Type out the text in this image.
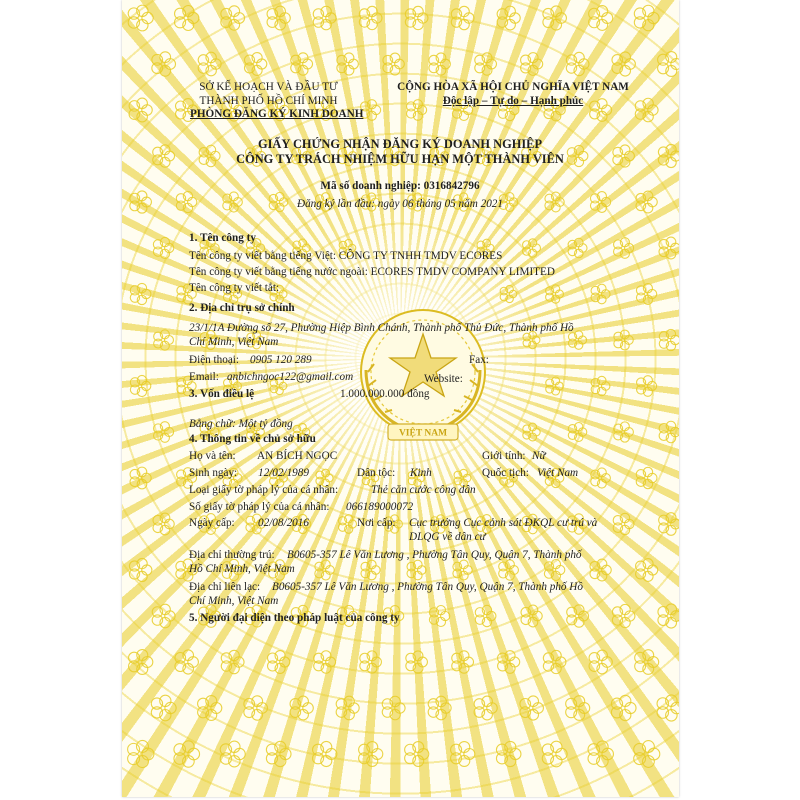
VIỆT NAM
SỞ KẾ HOẠCH VÀ ĐẦU TƯ
THÀNH PHỐ HỒ CHÍ MINH
PHÒNG ĐĂNG KÝ KINH DOANH
CỘNG HÒA XÃ HỘI CHỦ NGHĨA VIỆT NAM
Độc lập – Tự do – Hạnh phúc
GIẤY CHỨNG NHẬN ĐĂNG KÝ DOANH NGHIỆP
CÔNG TY TRÁCH NHIỆM HỮU HẠN MỘT THÀNH VIÊN
Mã số doanh nghiệp: 0316842796
Đăng ký lần đầu: ngày 06 tháng 05 năm 2021
1. Tên công ty
Tên công ty viết bằng tiếng Việt: CÔNG TY TNHH TMDV ECORES
Tên công ty viết bằng tiếng nước ngoài: ECORES TMDV COMPANY LIMITED
Tên công ty viết tắt:
2. Địa chỉ trụ sở chính
23/1/1A Đường số 27, Phường Hiệp Bình Chánh, Thành phố Thủ Đức, Thành phố Hồ
Chí Minh, Việt Nam
Điện thoại: 0905 120 289	Fax:
Email: anbichngoc122@gmail.com	Website:
3. Vốn điều lệ	1.000.000.000 đồng
Bằng chữ: Một tỷ đồng
4. Thông tin về chủ sở hữu
Họ và tên: AN BÍCH NGỌC	Giới tính: Nữ
Sinh ngày: 12/02/1989	Dân tộc: Kinh	Quốc tịch: Việt Nam
Loại giấy tờ pháp lý của cá nhân:	Thẻ căn cước công dân
Số giấy tờ pháp lý của cá nhân: 066189000072
Ngày cấp: 02/08/2016	Nơi cấp: Cục trưởng Cục cảnh sát ĐKQL cư trú và
DLQG về dân cư
Địa chỉ thường trú: B0605-357 Lê Văn Lương , Phường Tân Quy, Quận 7, Thành phố
Hồ Chí Minh, Việt Nam
Địa chỉ liên lạc: B0605-357 Lê Văn Lương , Phường Tân Quy, Quận 7, Thành phố Hồ
Chí Minh, Việt Nam
5. Người đại diện theo pháp luật của công ty
